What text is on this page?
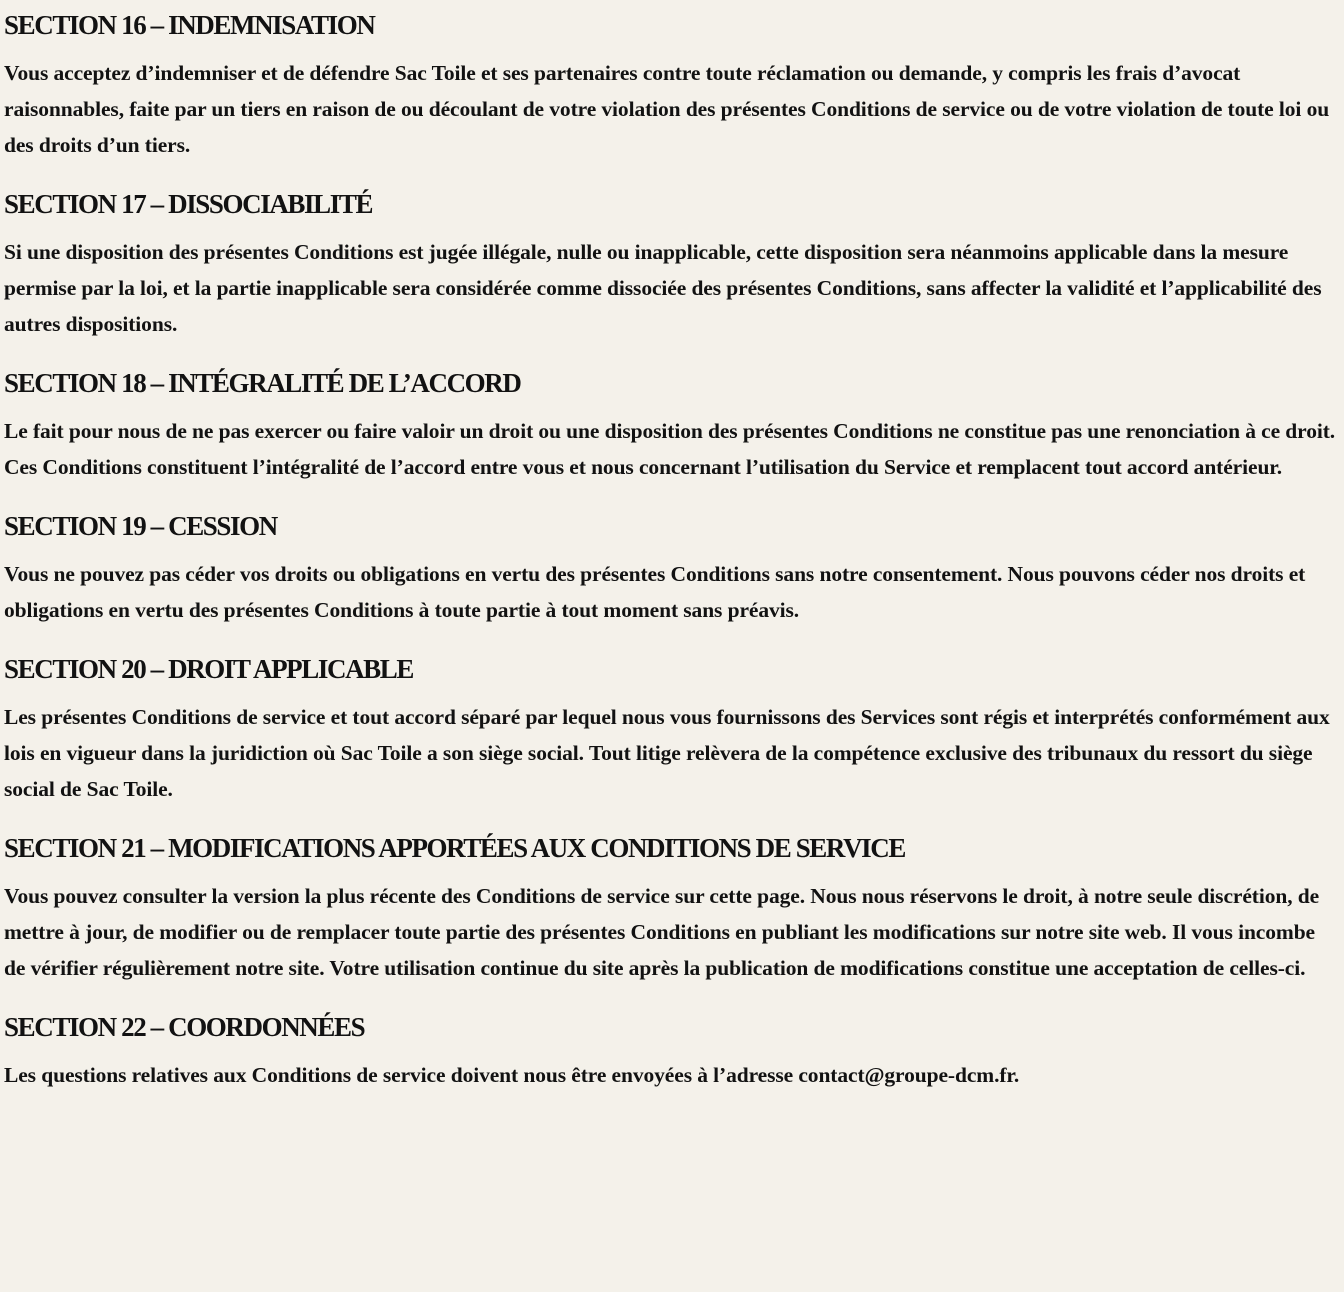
SECTION 16 – INDEMNISATION

Vous acceptez d’indemniser et de défendre Sac Toile et ses partenaires contre toute réclamation ou demande, y compris les frais d’avocat raisonnables, faite par un tiers en raison de ou découlant de votre violation des présentes Conditions de service ou de votre violation de toute loi ou des droits d’un tiers.

SECTION 17 – DISSOCIABILITÉ

Si une disposition des présentes Conditions est jugée illégale, nulle ou inapplicable, cette disposition sera néanmoins applicable dans la mesure permise par la loi, et la partie inapplicable sera considérée comme dissociée des présentes Conditions, sans affecter la validité et l’applicabilité des autres dispositions.

SECTION 18 – INTÉGRALITÉ DE L’ACCORD

Le fait pour nous de ne pas exercer ou faire valoir un droit ou une disposition des présentes Conditions ne constitue pas une renonciation à ce droit. Ces Conditions constituent l’intégralité de l’accord entre vous et nous concernant l’utilisation du Service et remplacent tout accord antérieur.

SECTION 19 – CESSION

Vous ne pouvez pas céder vos droits ou obligations en vertu des présentes Conditions sans notre consentement. Nous pouvons céder nos droits et obligations en vertu des présentes Conditions à toute partie à tout moment sans préavis.

SECTION 20 – DROIT APPLICABLE

Les présentes Conditions de service et tout accord séparé par lequel nous vous fournissons des Services sont régis et interprétés conformément aux lois en vigueur dans la juridiction où Sac Toile a son siège social. Tout litige relèvera de la compétence exclusive des tribunaux du ressort du siège social de Sac Toile.

SECTION 21 – MODIFICATIONS APPORTÉES AUX CONDITIONS DE SERVICE

Vous pouvez consulter la version la plus récente des Conditions de service sur cette page. Nous nous réservons le droit, à notre seule discrétion, de mettre à jour, de modifier ou de remplacer toute partie des présentes Conditions en publiant les modifications sur notre site web. Il vous incombe de vérifier régulièrement notre site. Votre utilisation continue du site après la publication de modifications constitue une acceptation de celles-ci.

SECTION 22 – COORDONNÉES

Les questions relatives aux Conditions de service doivent nous être envoyées à l’adresse contact@groupe-dcm.fr.
